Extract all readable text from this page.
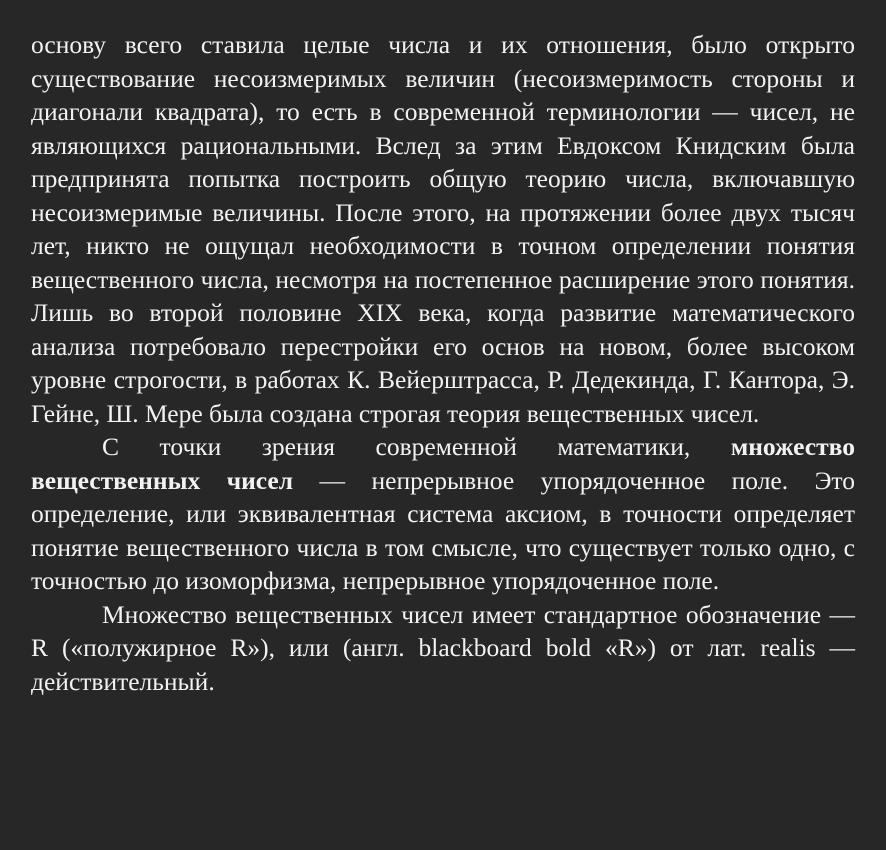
основу всего ставила целые числа и их отношения, было открыто существование несоизмеримых величин (несоизмеримость стороны и диагонали квадрата), то есть в современной терминологии — чисел, не являющихся рациональными. Вслед за этим Евдоксом Книдским была предпринята попытка построить общую теорию числа, включавшую несоизмеримые величины. После этого, на протяжении более двух тысяч лет, никто не ощущал необходимости в точном определении понятия вещественного числа, несмотря на постепенное расширение этого понятия. Лишь во второй половине XIX века, когда развитие математического анализа потребовало перестройки его основ на новом, более высоком уровне строгости, в работах К. Вейерштрасса, Р. Дедекинда, Г. Кантора, Э. Гейне, Ш. Мере была создана строгая теория вещественных чисел.

С точки зрения современной математики, множество вещественных чисел — непрерывное упорядоченное поле. Это определение, или эквивалентная система аксиом, в точности определяет понятие вещественного числа в том смысле, что существует только одно, с точностью до изоморфизма, непрерывное упорядоченное поле.

Множество вещественных чисел имеет стандартное обозначение — R («полужирное R»), или (англ. blackboard bold «R») от лат. realis — действительный.
